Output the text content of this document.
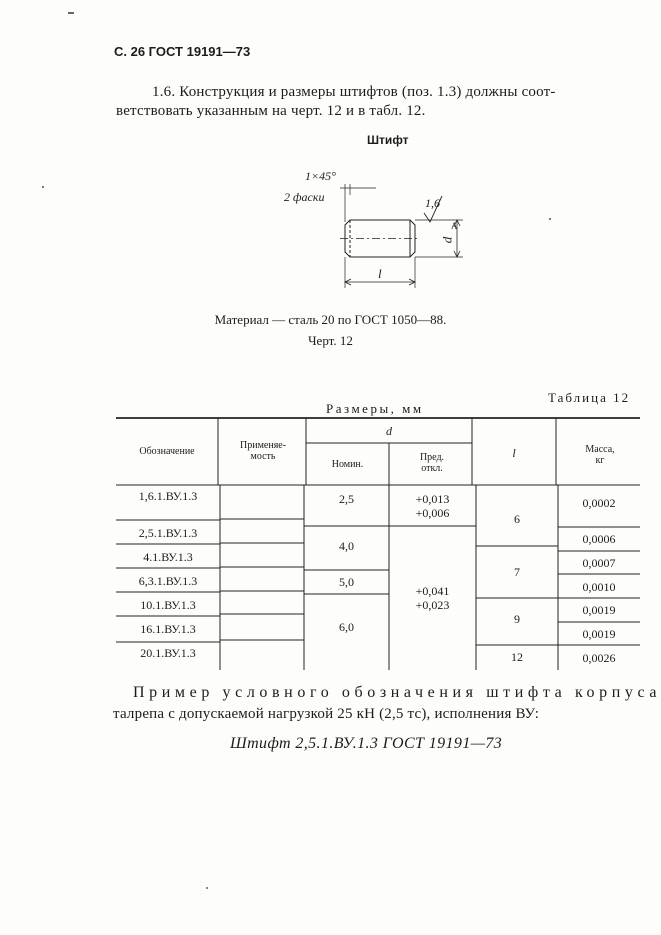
С. 26 ГОСТ 19191—73
1.6. Конструкция и размеры штифтов (поз. 1.3) должны соот-
ветствовать указанным на черт. 12 и в табл. 12.
Штифт
1×45°
2 фаски	1,6
A
d
l
Материал — сталь 20 по ГОСТ 1050—88.
Черт. 12
Таблица 12
Размеры, мм
Обозначение
Применяе-мость
d
Номин.
Пред. откл.
l	Масса, кг
1,6.1.ВУ.1.3
2,5.1.ВУ.1.3
4.1.ВУ.1.3
6,3.1.ВУ.1.3
10.1.ВУ.1.3
16.1.ВУ.1.3
20.1.ВУ.1.3
2,5
4,0
5,0
6,0
+0,013
+0,006
+0,041
+0,023
6
7
9
12
0,0002
0,0006
0,0007
0,0010
0,0019
0,0019
0,0026
Пример условного обозначения штифта корпуса
талрепа с допускаемой нагрузкой 25 кН (2,5 тс), исполнения ВУ:
Штифт 2,5.1.ВУ.1.3 ГОСТ 19191—73
